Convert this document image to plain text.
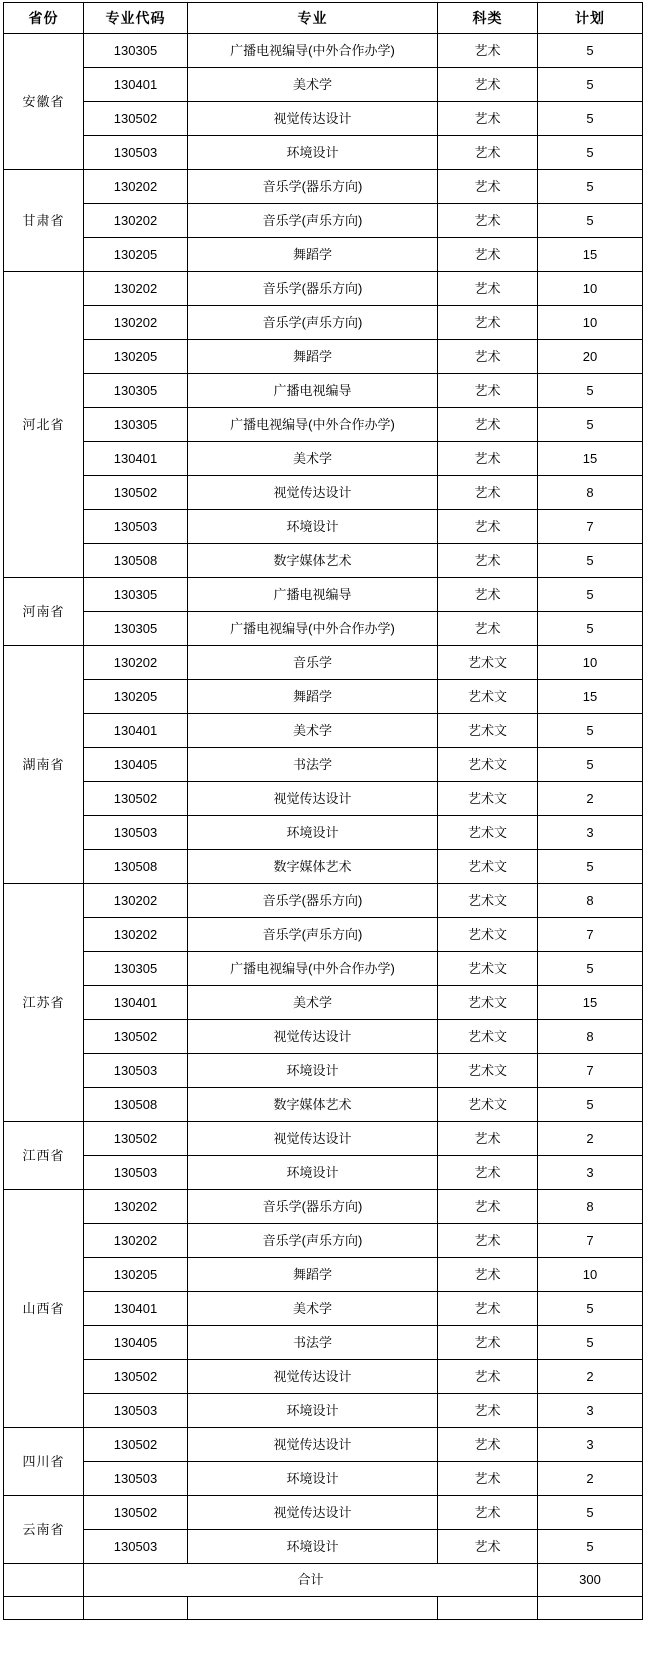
省份	专业代码	专业	科类	计划
安徽省	130305	广播电视编导(中外合作办学)	艺术	5
	130401	美术学	艺术	5
	130502	视觉传达设计	艺术	5
	130503	环境设计	艺术	5
甘肃省	130202	音乐学(器乐方向)	艺术	5
	130202	音乐学(声乐方向)	艺术	5
	130205	舞蹈学	艺术	15
河北省	130202	音乐学(器乐方向)	艺术	10
	130202	音乐学(声乐方向)	艺术	10
	130205	舞蹈学	艺术	20
	130305	广播电视编导	艺术	5
	130305	广播电视编导(中外合作办学)	艺术	5
	130401	美术学	艺术	15
	130502	视觉传达设计	艺术	8
	130503	环境设计	艺术	7
	130508	数字媒体艺术	艺术	5
河南省	130305	广播电视编导	艺术	5
	130305	广播电视编导(中外合作办学)	艺术	5
湖南省	130202	音乐学	艺术文	10
	130205	舞蹈学	艺术文	15
	130401	美术学	艺术文	5
	130405	书法学	艺术文	5
	130502	视觉传达设计	艺术文	2
	130503	环境设计	艺术文	3
	130508	数字媒体艺术	艺术文	5
江苏省	130202	音乐学(器乐方向)	艺术文	8
	130202	音乐学(声乐方向)	艺术文	7
	130305	广播电视编导(中外合作办学)	艺术文	5
	130401	美术学	艺术文	15
	130502	视觉传达设计	艺术文	8
	130503	环境设计	艺术文	7
	130508	数字媒体艺术	艺术文	5
江西省	130502	视觉传达设计	艺术	2
	130503	环境设计	艺术	3
山西省	130202	音乐学(器乐方向)	艺术	8
	130202	音乐学(声乐方向)	艺术	7
	130205	舞蹈学	艺术	10
	130401	美术学	艺术	5
	130405	书法学	艺术	5
	130502	视觉传达设计	艺术	2
	130503	环境设计	艺术	3
四川省	130502	视觉传达设计	艺术	3
	130503	环境设计	艺术	2
云南省	130502	视觉传达设计	艺术	5
	130503	环境设计	艺术	5
	合计			300
